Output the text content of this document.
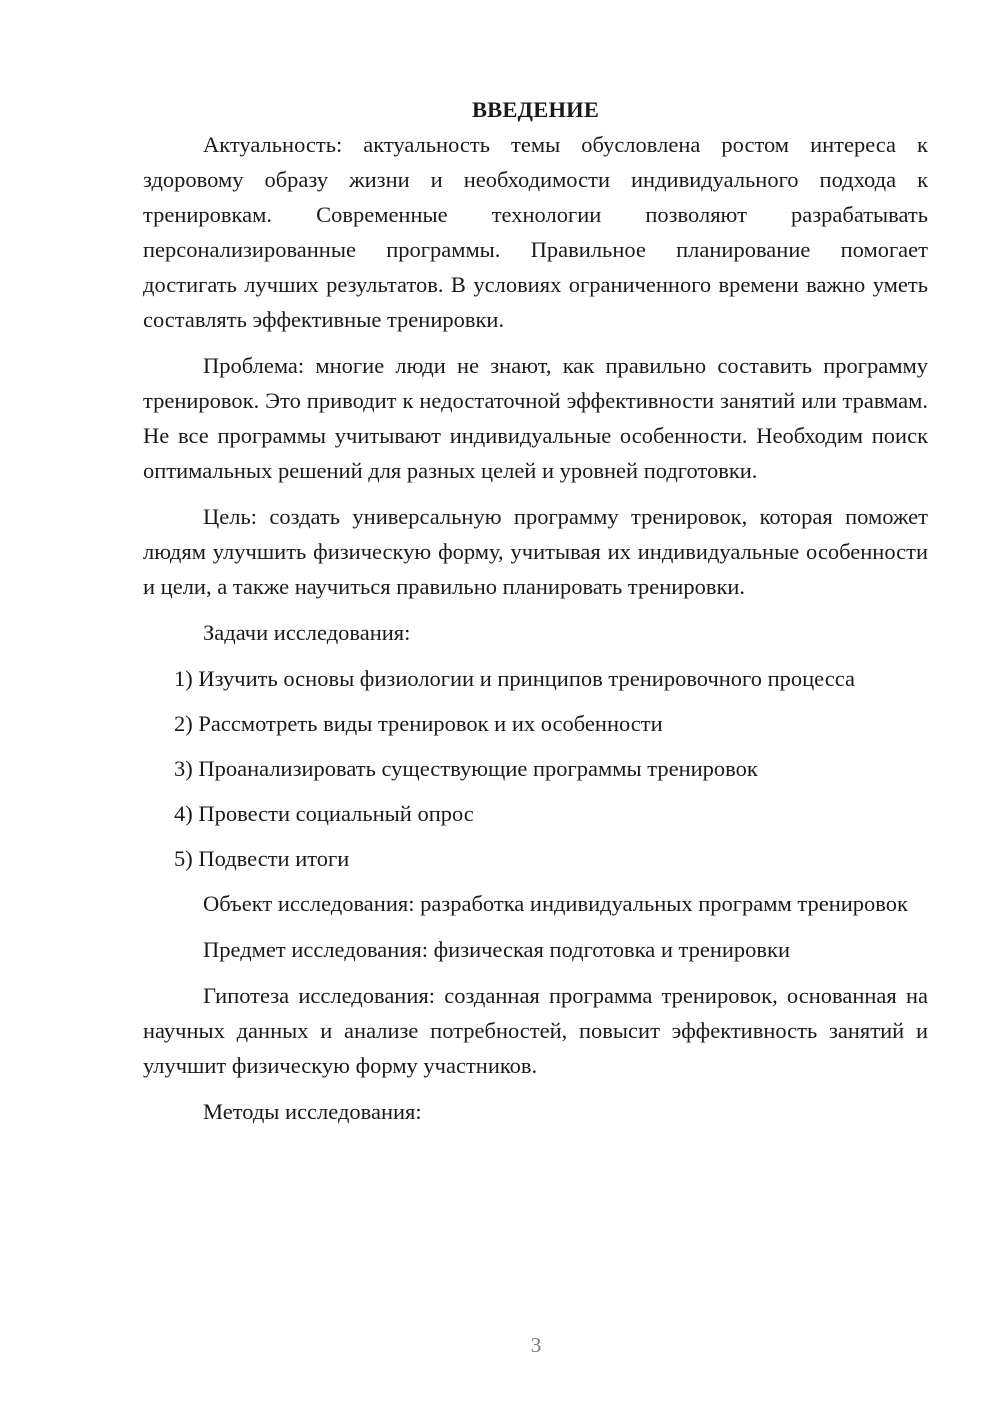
ВВЕДЕНИЕ

Актуальность: актуальность темы обусловлена ростом интереса к здоровому образу жизни и необходимости индивидуального подхода к тренировкам. Современные технологии позволяют разрабатывать персонализированные программы. Правильное планирование помогает достигать лучших результатов. В условиях ограниченного времени важно уметь составлять эффективные тренировки.

Проблема: многие люди не знают, как правильно составить программу тренировок. Это приводит к недостаточной эффективности занятий или травмам. Не все программы учитывают индивидуальные особенности. Необходим поиск оптимальных решений для разных целей и уровней подготовки.

Цель: создать универсальную программу тренировок, которая поможет людям улучшить физическую форму, учитывая их индивидуальные особенности и цели, а также научиться правильно планировать тренировки.

Задачи исследования:

1) Изучить основы физиологии и принципов тренировочного процесса

2) Рассмотреть виды тренировок и их особенности

3) Проанализировать существующие программы тренировок

4) Провести социальный опрос

5) Подвести итоги

Объект исследования: разработка индивидуальных программ тренировок

Предмет исследования: физическая подготовка и тренировки

Гипотеза исследования: созданная программа тренировок, основанная на научных данных и анализе потребностей, повысит эффективность занятий и улучшит физическую форму участников.

Методы исследования:

3
